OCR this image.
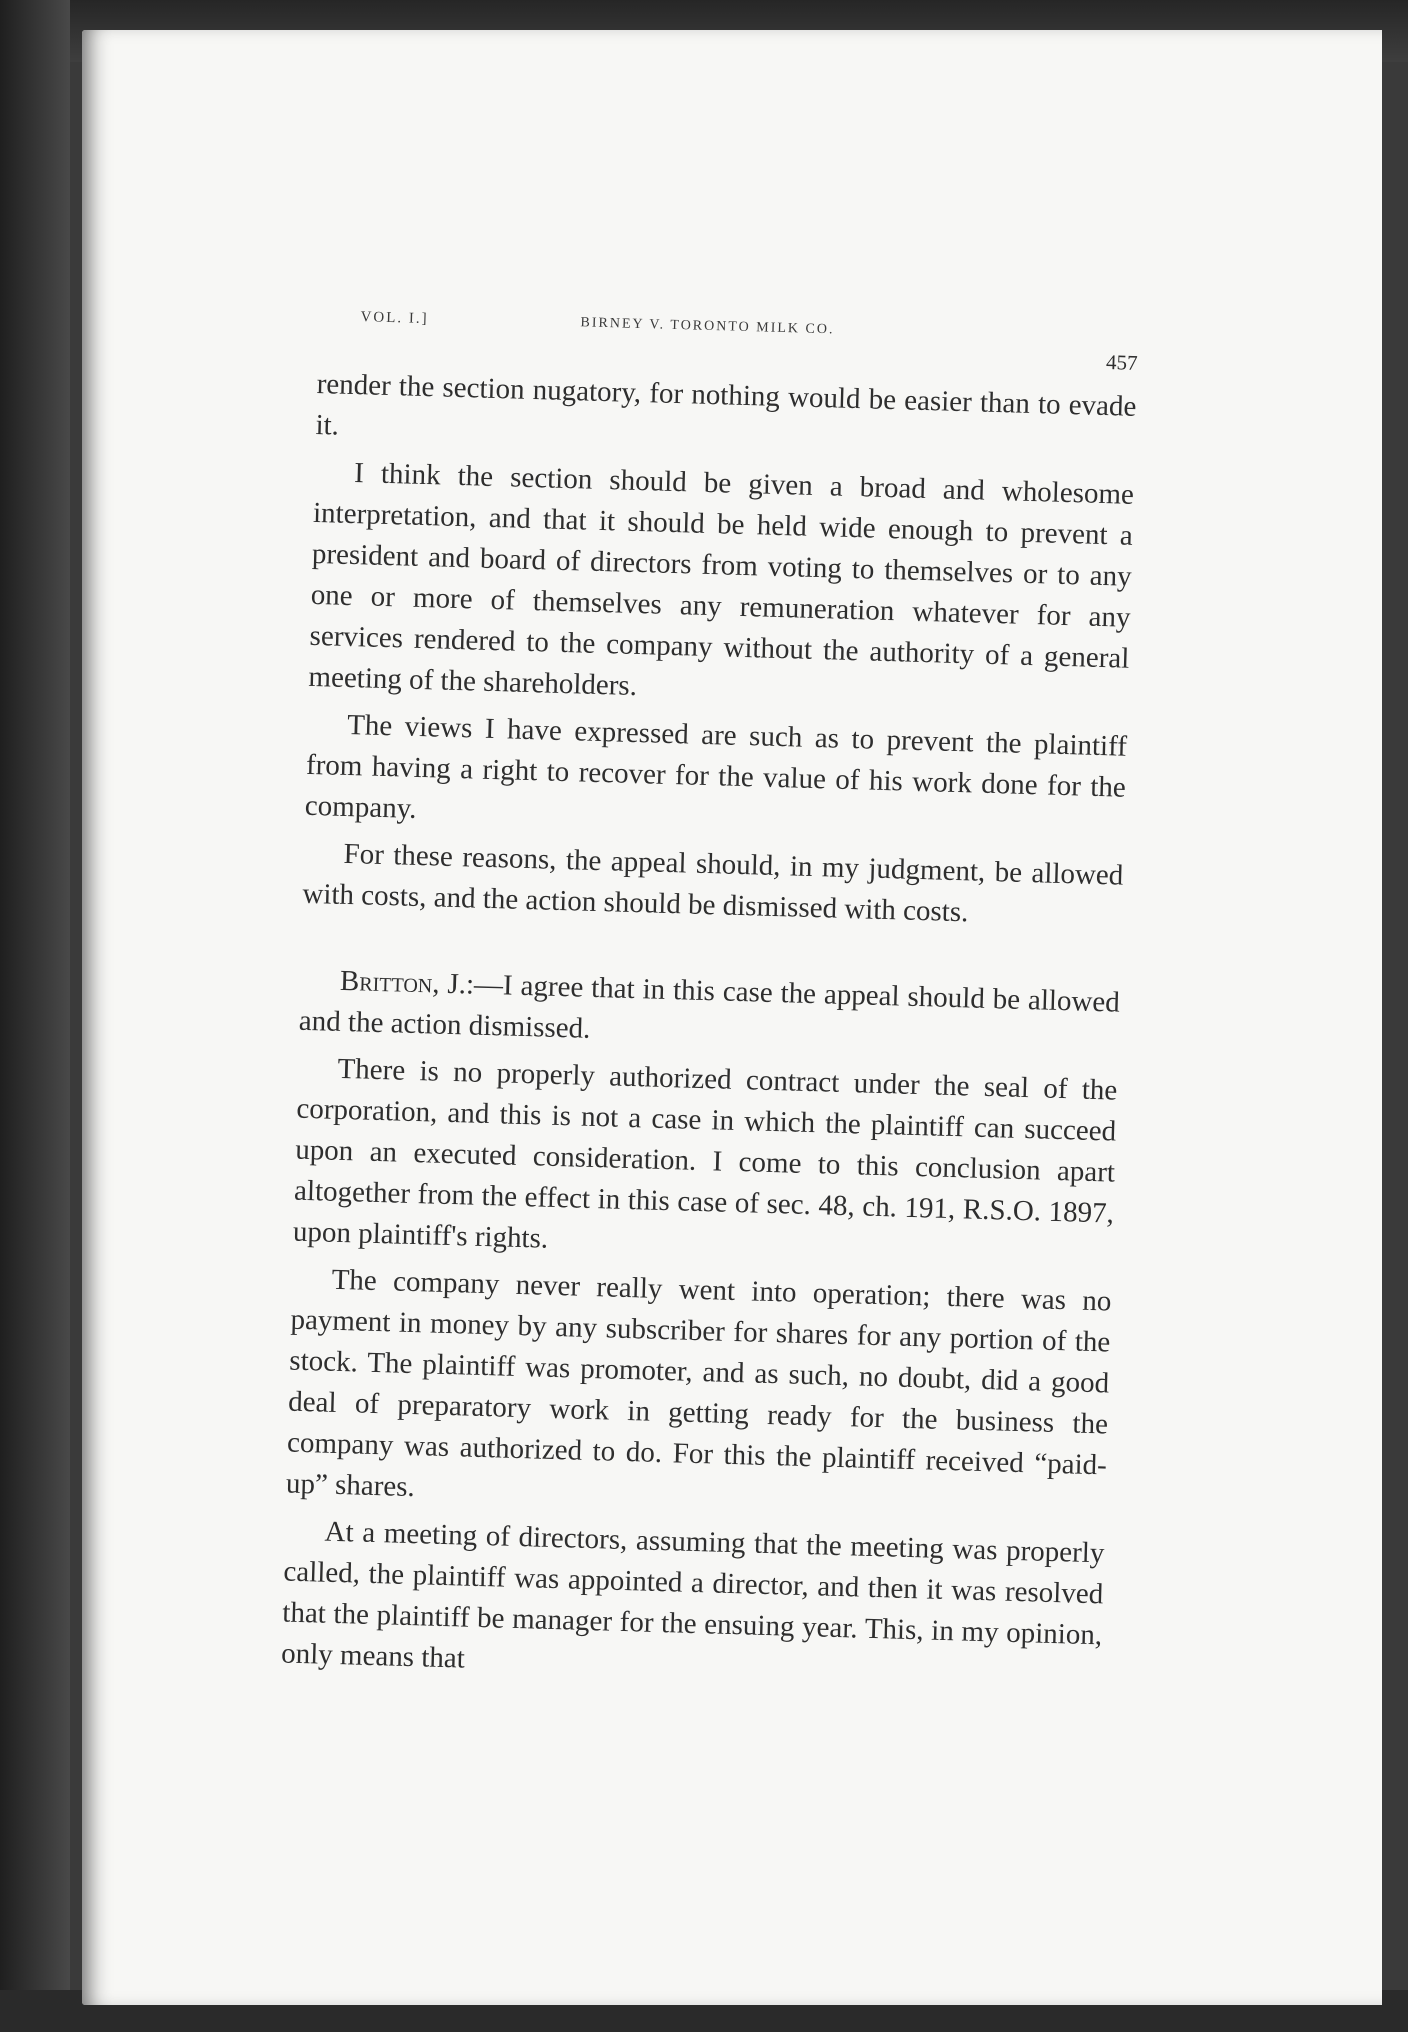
VOL. I.]	BIRNEY V. TORONTO MILK CO.
457

render the section nugatory, for nothing would be easier than to evade it.

I think the section should be given a broad and wholesome interpretation, and that it should be held wide enough to prevent a president and board of directors from voting to themselves or to any one or more of themselves any remuneration whatever for any services rendered to the company without the authority of a general meeting of the shareholders.

The views I have expressed are such as to prevent the plaintiff from having a right to recover for the value of his work done for the company.

For these reasons, the appeal should, in my judgment, be allowed with costs, and the action should be dismissed with costs.

Britton, J.:—I agree that in this case the appeal should be allowed and the action dismissed.

There is no properly authorized contract under the seal of the corporation, and this is not a case in which the plaintiff can succeed upon an executed consideration. I come to this conclusion apart altogether from the effect in this case of sec. 48, ch. 191, R.S.O. 1897, upon plaintiff's rights.

The company never really went into operation; there was no payment in money by any subscriber for shares for any portion of the stock. The plaintiff was promoter, and as such, no doubt, did a good deal of preparatory work in getting ready for the business the company was authorized to do. For this the plaintiff received “paid-up” shares.

At a meeting of directors, assuming that the meeting was properly called, the plaintiff was appointed a director, and then it was resolved that the plaintiff be manager for the ensuing year. This, in my opinion, only means that
